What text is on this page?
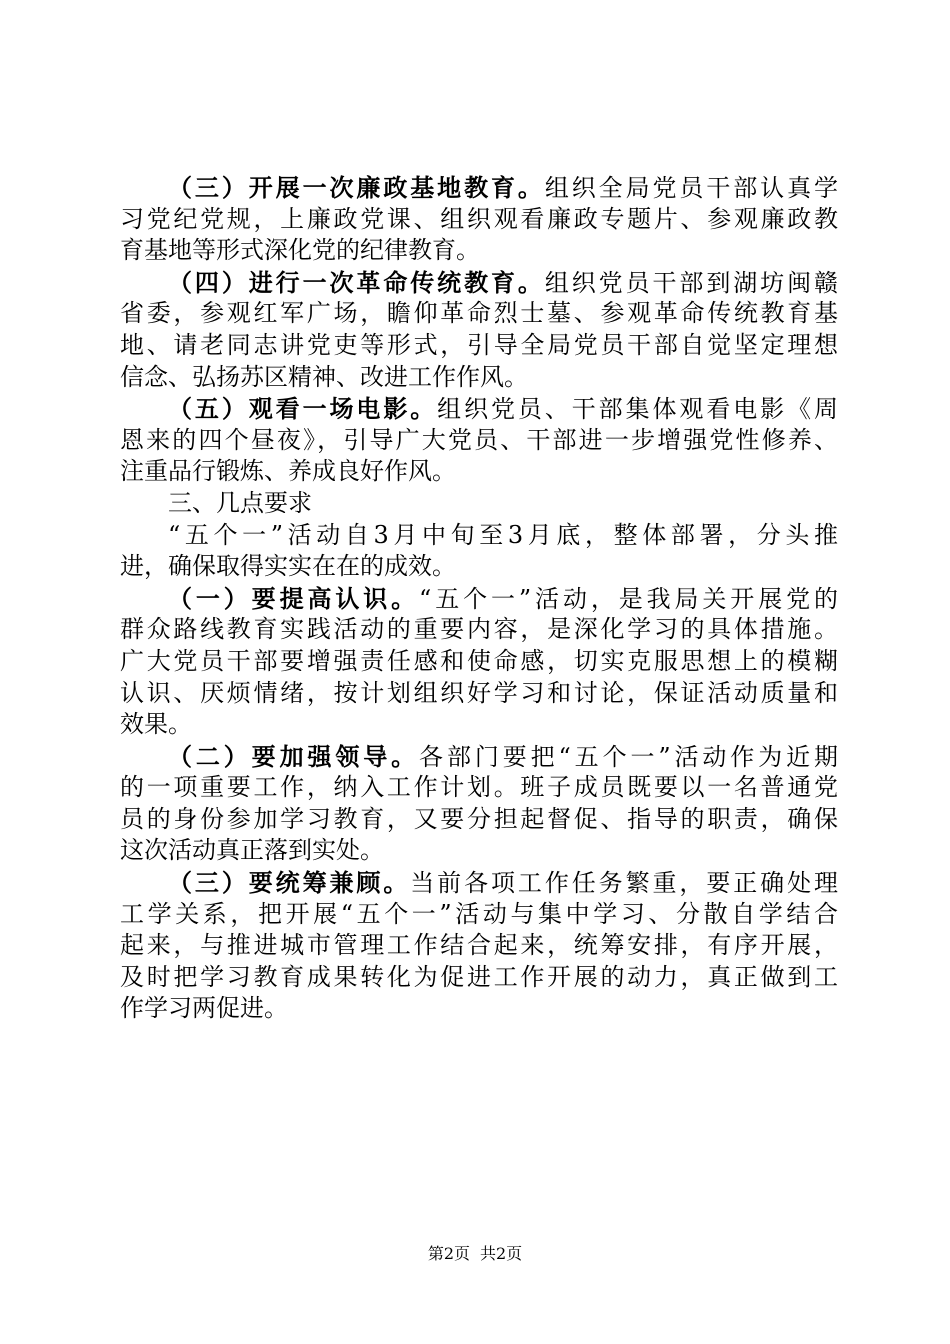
（三）开展一次廉政基地教育。组织全局党员干部认真学
习党纪党规，上廉政党课、组织观看廉政专题片、参观廉政教
育基地等形式深化党的纪律教育。
（四）进行一次革命传统教育。组织党员干部到湖坊闽赣
省委，参观红军广场，瞻仰革命烈士墓、参观革命传统教育基
地、请老同志讲党吏等形式，引导全局党员干部自觉坚定理想
信念、弘扬苏区精神、改进工作作风。
（五）观看一场电影。组织党员、干部集体观看电影《周
恩来的四个昼夜》，引导广大党员、干部进一步增强党性修养、
注重品行锻炼、养成良好作风。
三、几点要求
“五个一”活动自3月中旬至3月底，整体部署，分头推
进，确保取得实实在在的成效。
（一）要提高认识。“五个一”活动，是我局关开展党的
群众路线教育实践活动的重要内容，是深化学习的具体措施。
广大党员干部要增强责任感和使命感，切实克服思想上的模糊
认识、厌烦情绪，按计划组织好学习和讨论，保证活动质量和
效果。
（二）要加强领导。各部门要把“五个一”活动作为近期
的一项重要工作，纳入工作计划。班子成员既要以一名普通党
员的身份参加学习教育，又要分担起督促、指导的职责，确保
这次活动真正落到实处。
（三）要统筹兼顾。当前各项工作任务繁重，要正确处理
工学关系，把开展“五个一”活动与集中学习、分散自学结合
起来，与推进城市管理工作结合起来，统筹安排，有序开展，
及时把学习教育成果转化为促进工作开展的动力，真正做到工
作学习两促进。
第2页 共2页
